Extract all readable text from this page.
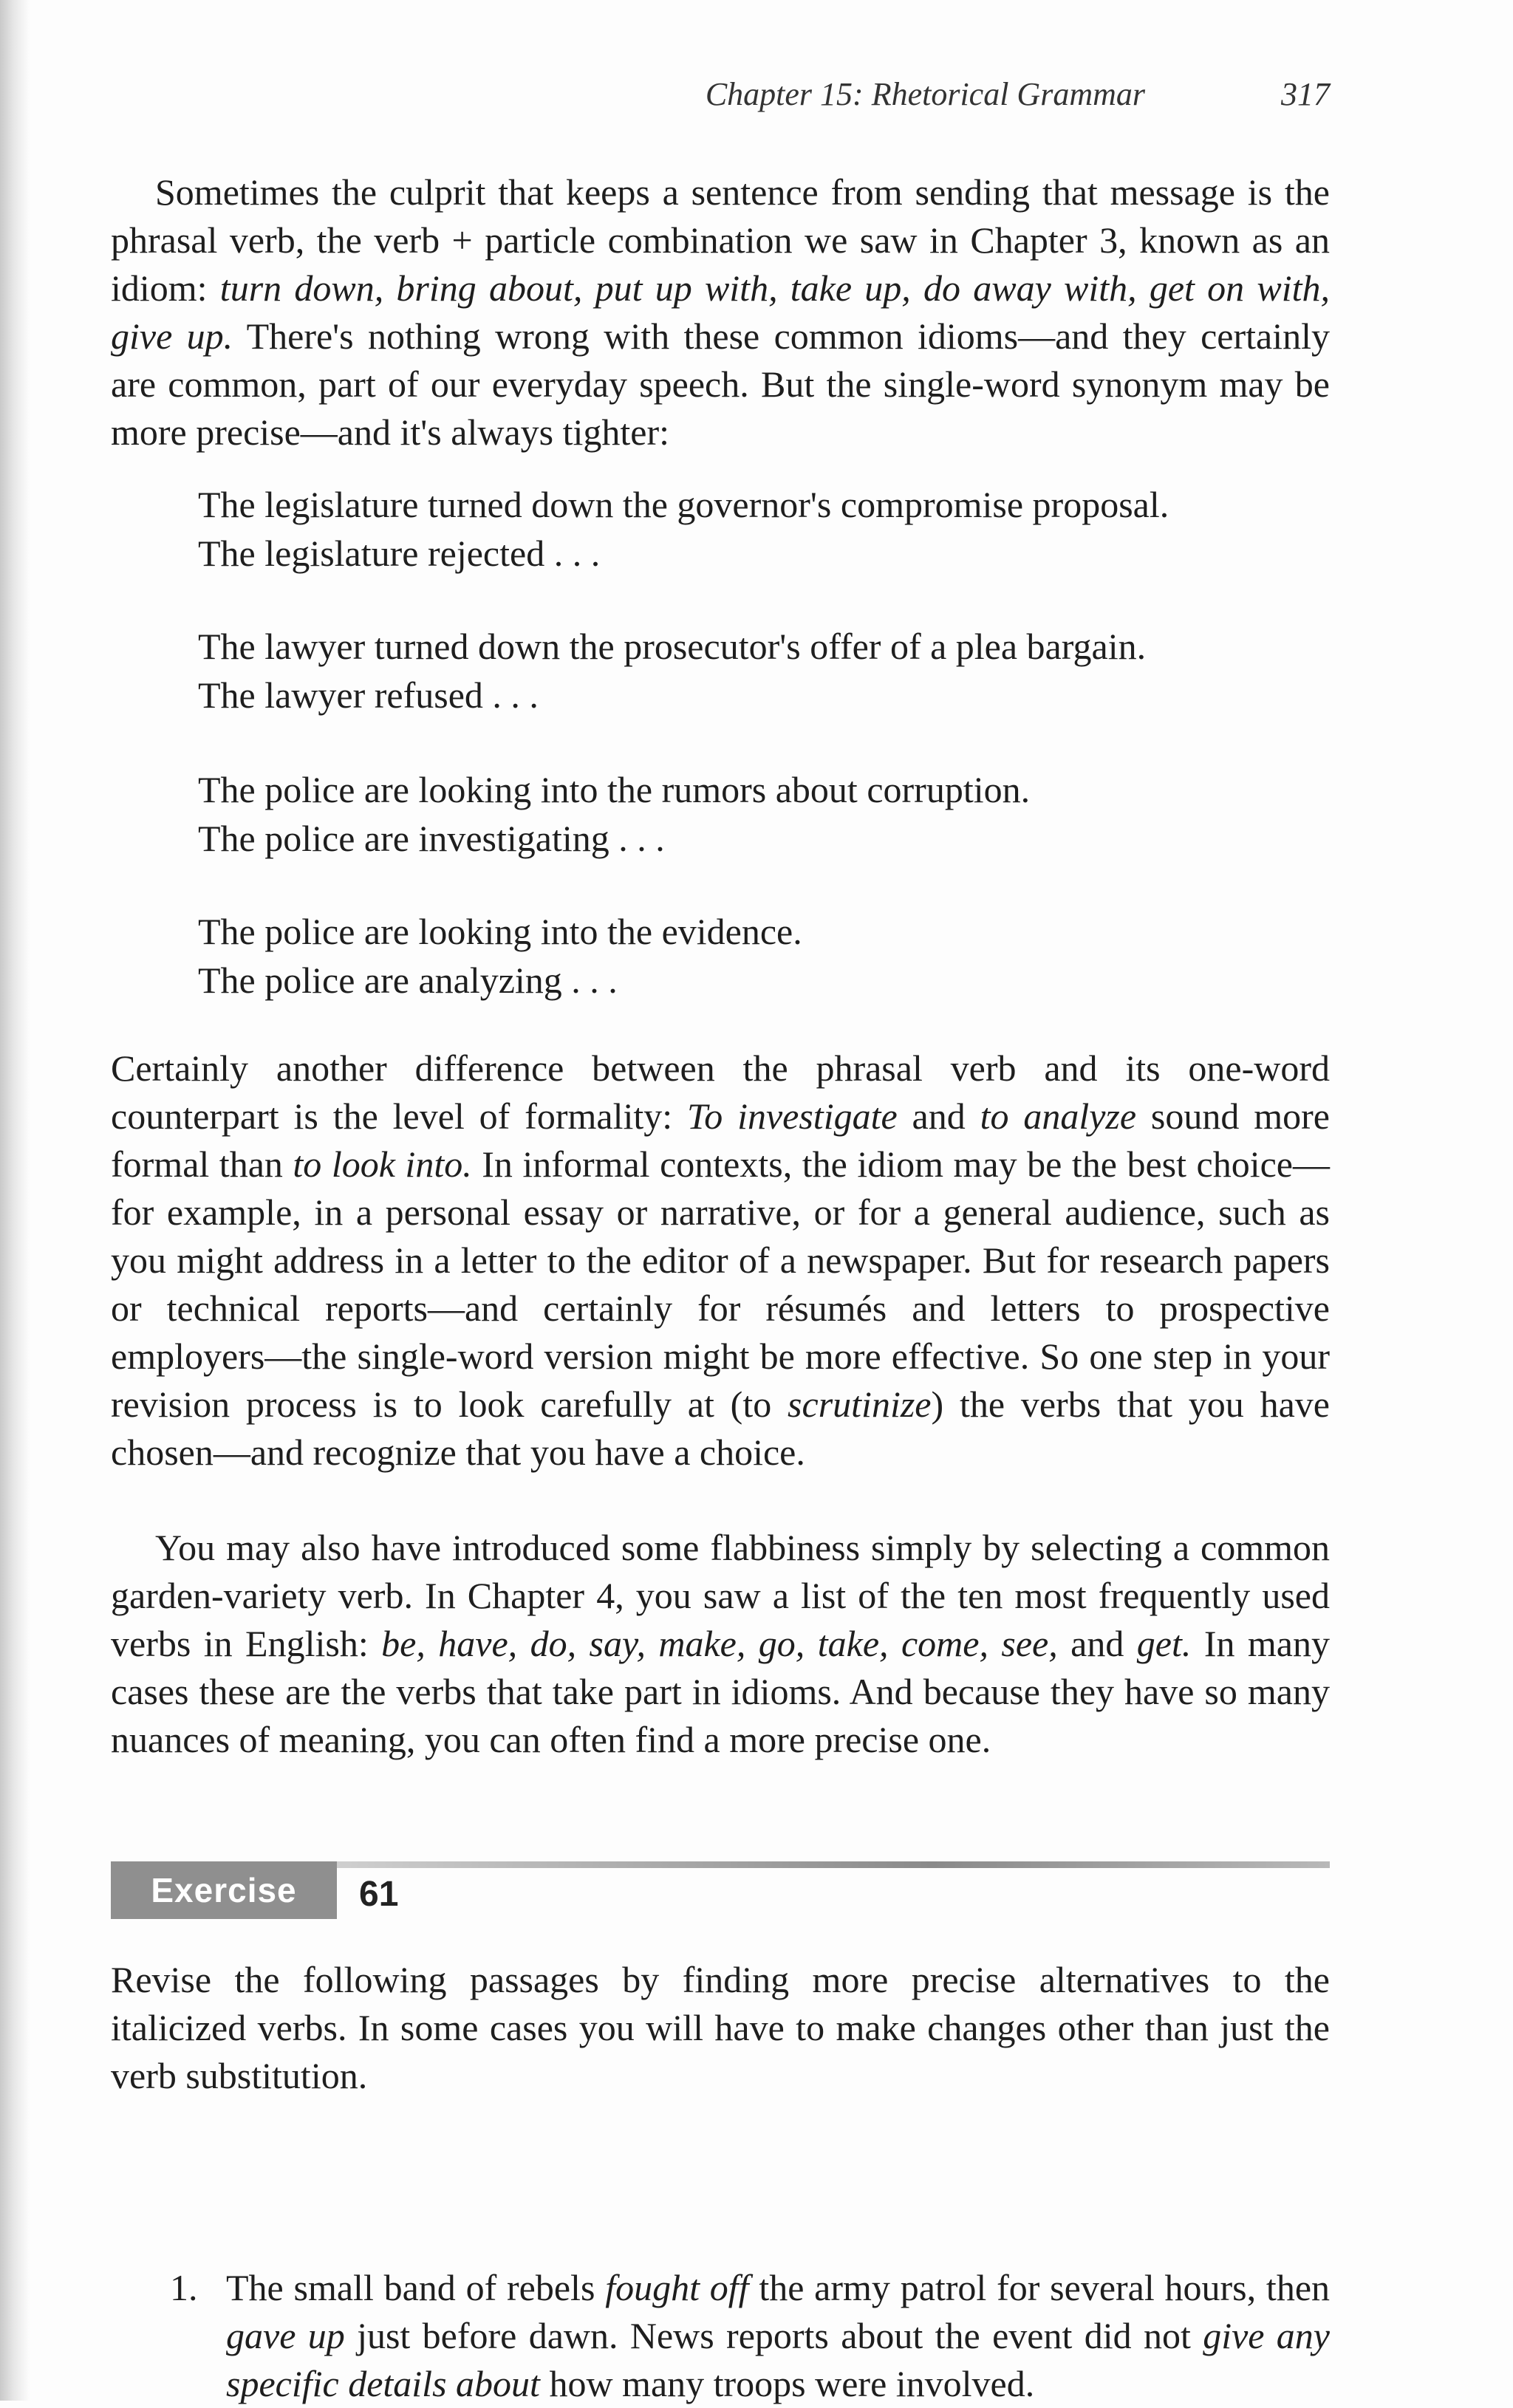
Chapter 15: Rhetorical Grammar	317

Sometimes the culprit that keeps a sentence from sending that message is the phrasal verb, the verb + particle combination we saw in Chapter 3, known as an idiom: turn down, bring about, put up with, take up, do away with, get on with, give up. There's nothing wrong with these common idioms—and they certainly are common, part of our everyday speech. But the single-word synonym may be more precise—and it's always tighter:

The legislature turned down the governor's compromise proposal.
The legislature rejected . . .
The lawyer turned down the prosecutor's offer of a plea bargain.
The lawyer refused . . .
The police are looking into the rumors about corruption.
The police are investigating . . .
The police are looking into the evidence.
The police are analyzing . . .

Certainly another difference between the phrasal verb and its one-word counterpart is the level of formality: To investigate and to analyze sound more formal than to look into. In informal contexts, the idiom may be the best choice—for example, in a personal essay or narrative, or for a general audience, such as you might address in a letter to the editor of a newspaper. But for research papers or technical reports—and certainly for résumés and letters to prospective employers—the single-word version might be more effective. So one step in your revision process is to look carefully at (to scrutinize) the verbs that you have chosen—and recognize that you have a choice.

You may also have introduced some flabbiness simply by selecting a common garden-variety verb. In Chapter 4, you saw a list of the ten most frequently used verbs in English: be, have, do, say, make, go, take, come, see, and get. In many cases these are the verbs that take part in idioms. And because they have so many nuances of meaning, you can often find a more precise one.

Exercise	61

Revise the following passages by finding more precise alternatives to the italicized verbs. In some cases you will have to make changes other than just the verb substitution.

1. The small band of rebels fought off the army patrol for several hours, then gave up just before dawn. News reports about the event did not give any specific details about how many troops were involved.
